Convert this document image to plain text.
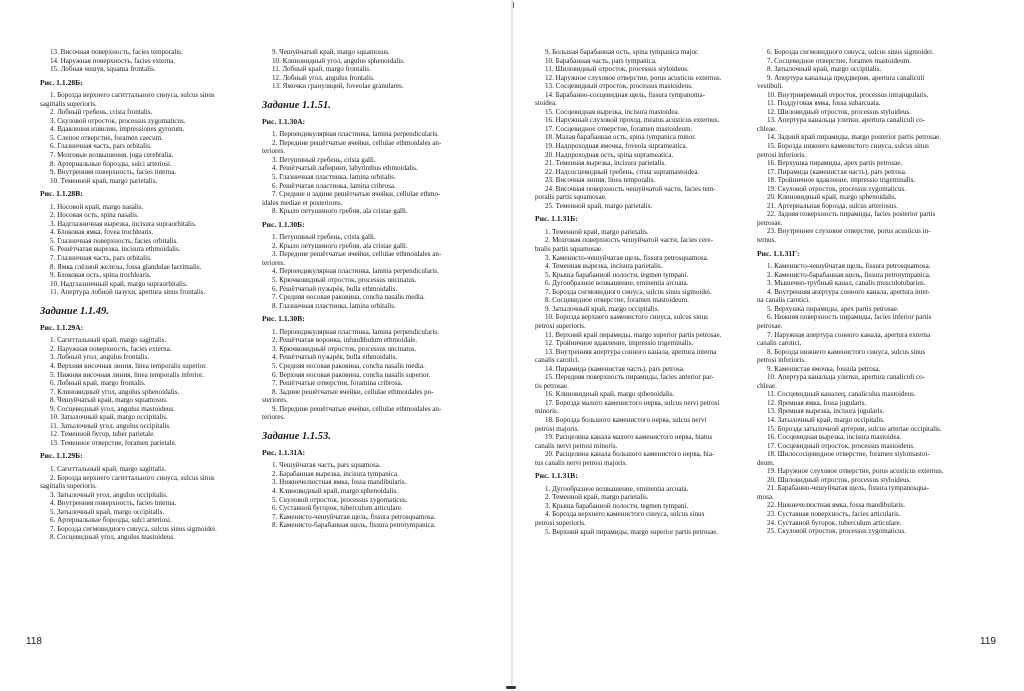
13. Височная поверхность, facies temporalis.
14. Наружная поверхность, facies externa.
15. Лобная чешуя, squama frontalis.
Рис. 1.1.28Б:
1. Борозда верхнего сагиттального синуса, sulcus sinus
sagittalis superioris.
2. Лобный гребень, crista frontalis.
3. Скуловой отросток, processus zygomaticus.
4. Вдавления извилин, impressiones gyrorum.
5. Слепое отверстие, foramen caecum.
6. Глазничная часть, pars orbitalis.
7. Мозговые возвышения, juga cerebralia.
8. Артериальные борозды, sulci arteriosi.
9. Внутренняя поверхность, facies interna.
10. Теменной край, margo parietalis.
Рис. 1.1.28В:
1. Носовой край, margo nasalis.
2. Носовая ость, spina nasalis.
3. Надглазничная вырезка, incisura supraorbitalis.
4. Блоковая ямка, fovea trochlearis.
5. Глазничная поверхность, facies orbitalis.
6. Решётчатая вырезка, incisura ethmoidalis.
7. Глазничная часть, pars orbitalis.
8. Ямка слёзной железы, fossa glandulae lacrimalis.
9. Блоковая ость, spina trochlearis.
10. Надглазничный край, margo supraorbitalis.
11. Апертура лобной пазухи, apertura sinus frontalis.
Задание 1.1.49.
Рис. 1.1.29А:
1. Сагиттальный край, margo sagittalis.
2. Наружная поверхность, facies externa.
3. Лобный угол, angulus frontalis.
4. Верхняя височная линия, linea temporalis superior.
5. Нижняя височная линия, linea temporalis inferior.
6. Лобный край, margo frontalis.
7. Клиновидный угол, angulus sphenoidalis.
8. Чешуйчатый край, margo squamosus.
9. Сосцевидный угол, angulus mastoideus.
10. Затылочный край, margo occipitalis.
11. Затылочный угол, angulus occipitalis.
12. Теменной бугор, tuber parietale.
13. Теменное отверстие, foramen parietale.
Рис. 1.1.29Б:
1. Сагиттальный край, margo sagittalis.
2. Борозда верхнего сагиттального синуса, sulcus sinus
sagittalis superioris.
3. Затылочный угол, angulus occipitalis.
4. Внутренняя поверхность, facies interna.
5. Затылочный край, margo occipitalis.
6. Артериальные борозды, sulci arteriosi.
7. Борозда сигмовидного синуса, sulcus sinus sigmoidei.
8. Сосцевидный угол, angulus mastoideus.
9. Чешуйчатый край, margo squamosus.
10. Клиновидный угол, angulus sphenoidalis.
11. Лобный край, margo frontalis.
12. Лобный угол, angulus frontalis.
13. Ямочки грануляций, foveolae granulares.
Задание 1.1.51.
Рис. 1.1.30А:
1. Перпендикулярная пластинка, lamina perpendicularis.
2. Передние решётчатые ячейки, cellulae ethmoidales an-
teriores.
3. Петушиный гребень, crista galli.
4. Решётчатый лабиринт, labyrinthus ethmoidalis.
5. Глазничная пластинка, lamina orbitalis.
6. Решётчатая пластинка, lamina cribrosa.
7. Средние и задние решётчатые ячейки, cellulae ethmo-
idales mediae et posteriores.
8. Крыло петушиного гребня, ala cristae galli.
Рис. 1.1.30Б:
1. Петушиный гребень, crista galli.
2. Крыло петушиного гребня, ala cristae galli.
3. Передние решётчатые ячейки, cellulae ethmoidales an-
teriores.
4. Перпендикулярная пластинка, lamina perpendicularis.
5. Крючковидный отросток, processus uncinatus.
6. Решётчатый пузырёк, bulla ethmoidalis.
7. Средняя носовая раковина, concha nasalis media.
8. Глазничная пластинка, lamina orbitalis.
Рис. 1.1.30В:
1. Перпендикулярная пластинка, lamina perpendicularis.
2. Решётчатая воронка, infundibulum ethmoidale.
3. Крючковидный отросток, processus uncinatus.
4. Решётчатый пузырёк, bulla ethmoidalis.
5. Средняя носовая раковина, concha nasalis media.
6. Верхняя носовая раковина, concha nasalis superior.
7. Решётчатые отверстия, foramina cribrosa.
8. Задние решётчатые ячейки, cellulae ethmoidales po-
steriores.
9. Передние решётчатые ячейки, cellulae ethmoidales an-
teriores.
Задание 1.1.53.
Рис. 1.1.31А:
1. Чешуйчатая часть, pars squamosa.
2. Барабанная вырезка, incisura tympanica.
3. Нижнечелюстная ямка, fossa mandibularis.
4. Клиновидный край, margo sphenoidalis.
5. Скуловой отросток, processus zygomaticus.
6. Суставной бугорок, tuberculum articulare.
7. Каменисто-чешуйчатая щель, fissura petrosquamosa.
8. Каменисто-барабанная щель, fissura petrotympanica.
9. Большая барабанная ость, spina tympanica major.
10. Барабанная часть, pars tympanica.
11. Шиловидный отросток, processus styloideus.
12. Наружное слуховое отверстие, porus acusticus externus.
13. Сосцевидный отросток, processus mastoideus.
14. Барабанно-сосцевидная щель, fissura tympanomа-
stoidea.
15. Сосцевидная вырезка, incisura mastoidea.
16. Наружный слуховой проход, meatus acusticus externus.
17. Сосцевидное отверстие, foramen mastoideum.
18. Малая барабанная ость, spina tympanica minor.
19. Надпроходная ямочка, foveola suprameatica.
20. Надпроходная ость, spina suprameatica.
21. Теменная вырезка, incisura parietalis.
22. Надсосцевидный гребень, crista supramastoidea.
23. Височная линия, linea temporalis.
24. Височная поверхность чешуйчатой части, facies tem-
poralis partis squamosae.
25. Теменной край, margo parietalis.
Рис. 1.1.31Б:
1. Теменной край, margo parietalis.
2. Мозговая поверхность чешуйчатой части, facies cere-
bralis partis squamosae.
3. Каменисто-чешуйчатая щель, fissura petrosquamosa.
4. Теменная вырезка, incisura parietalis.
5. Крыша барабанной полости, tegmen tympani.
6. Дугообразное возвышение, eminentia arcuata.
7. Борозда сигмовидного синуса, sulcus sinus sigmoidei.
8. Сосцевидное отверстие, foramen mastoideum.
9. Затылочный край, margo occipitalis.
10. Борозда верхнего каменистого синуса, sulcus sinus
petrosi superioris.
11. Верхний край пирамиды, margo superior partis petrosae.
12. Тройничное вдавление, impressio trigeminalis.
13. Внутренняя апертура сонного канала, apertura interna
canalis carotici.
14. Пирамида (каменистая часть), pars petrosa.
15. Передняя поверхность пирамиды, facies anterior par-
tis petrosae.
16. Клиновидный край, margo sphenoidalis.
17. Борозда малого каменистого нерва, sulcus nervi petrosi
minoris.
18. Борозда большого каменистого нерва, sulcus nervi
petrosi majoris.
19. Расщелина канала малого каменистого нерва, hiatus
canalis nervi petrosi minoris.
20. Расщелина канала большого каменистого нерва, hia-
tus canalis nervi petrosi majoris.
Рис. 1.1.31В:
1. Дугообразное возвышение, eminentia arcuata.
2. Теменной край, margo parietalis.
3. Крыша барабанной полости, tegmen tympani.
4. Борозда верхнего каменистого синуса, sulcus sinus
petrosi superioris.
5. Верхний край пирамиды, margo superior partis petrosae.
6. Борозда сигмовидного синуса, sulcus sinus sigmoidei.
7. Сосцевидное отверстие, foramen mastoideum.
8. Затылочный край, margo occipitalis.
9. Апертура канальца преддверия, apertura canaliculi
vestibuli.
10. Внутрияремный отросток, processus intrajugularis.
11. Поддуговая ямка, fossa subarcuata.
12. Шиловидный отросток, processus styloideus.
13. Апертура канальца улитки, apertura canaliculi co-
chleae.
14. Задний край пирамиды, margo posterior partis petrosae.
15. Борозда нижнего каменистого синуса, sulcus sinus
petrosi inferioris.
16. Верхушка пирамиды, apex partis petrosae.
17. Пирамида (каменистая часть), pars petrosa.
18. Тройничное вдавление, impressio trigeminalis.
19. Скуловой отросток, processus zygomaticus.
20. Клиновидный край, margo sphenoidalis.
21. Артериальная борозда, sulcus arteriosus.
22. Задняя поверхность пирамиды, facies posterior partis
petrosae.
23. Внутреннее слуховое отверстие, porus acusticus in-
ternus.
Рис. 1.1.31Г:
1. Каменисто-чешуйчатая щель, fissura petrosquamosa.
2. Каменисто-барабанная щель, fissura petrotympanica.
3. Мышечно-трубный канал, canalis musculotubarius.
4. Внутренняя апертура сонного канала, apertura inter-
na canalis carotici.
5. Верхушка пирамиды, apex partis petrosae.
6. Нижняя поверхность пирамиды, facies inferior partis
petrosae.
7. Наружная апертура сонного канала, apertura externa
canalis carotici.
8. Борозда нижнего каменистого синуса, sulcus sinus
petrosi inferioris.
9. Каменистая ямочка, fossula petrosa.
10. Апертура канальца улитки, apertura canaliculi co-
chleae.
11. Сосцевидный каналец, canaliculus mastoideus.
12. Яремная ямка, fossa jugularis.
13. Яремная вырезка, incisura jugularis.
14. Затылочный край, margo occipitalis.
15. Борозда затылочной артерии, sulcus arteriae occipitalis.
16. Сосцевидная вырезка, incisura mastoidea.
17. Сосцевидный отросток, processus mastoideus.
18. Шилососцевидное отверстие, foramen stylomastoi-
deum.
19. Наружное слуховое отверстие, porus acusticus externus.
20. Шиловидный отросток, processus styloideus.
21. Барабанно-чешуйчатая щель, fissura tympanosqua-
mosa.
22. Нижнечелюстная ямка, fossa mandibularis.
23. Суставная поверхность, facies articularis.
24. Суставной бугорок, tuberculum articulare.
25. Скуловой отросток, processus zygomaticus.
118	119
